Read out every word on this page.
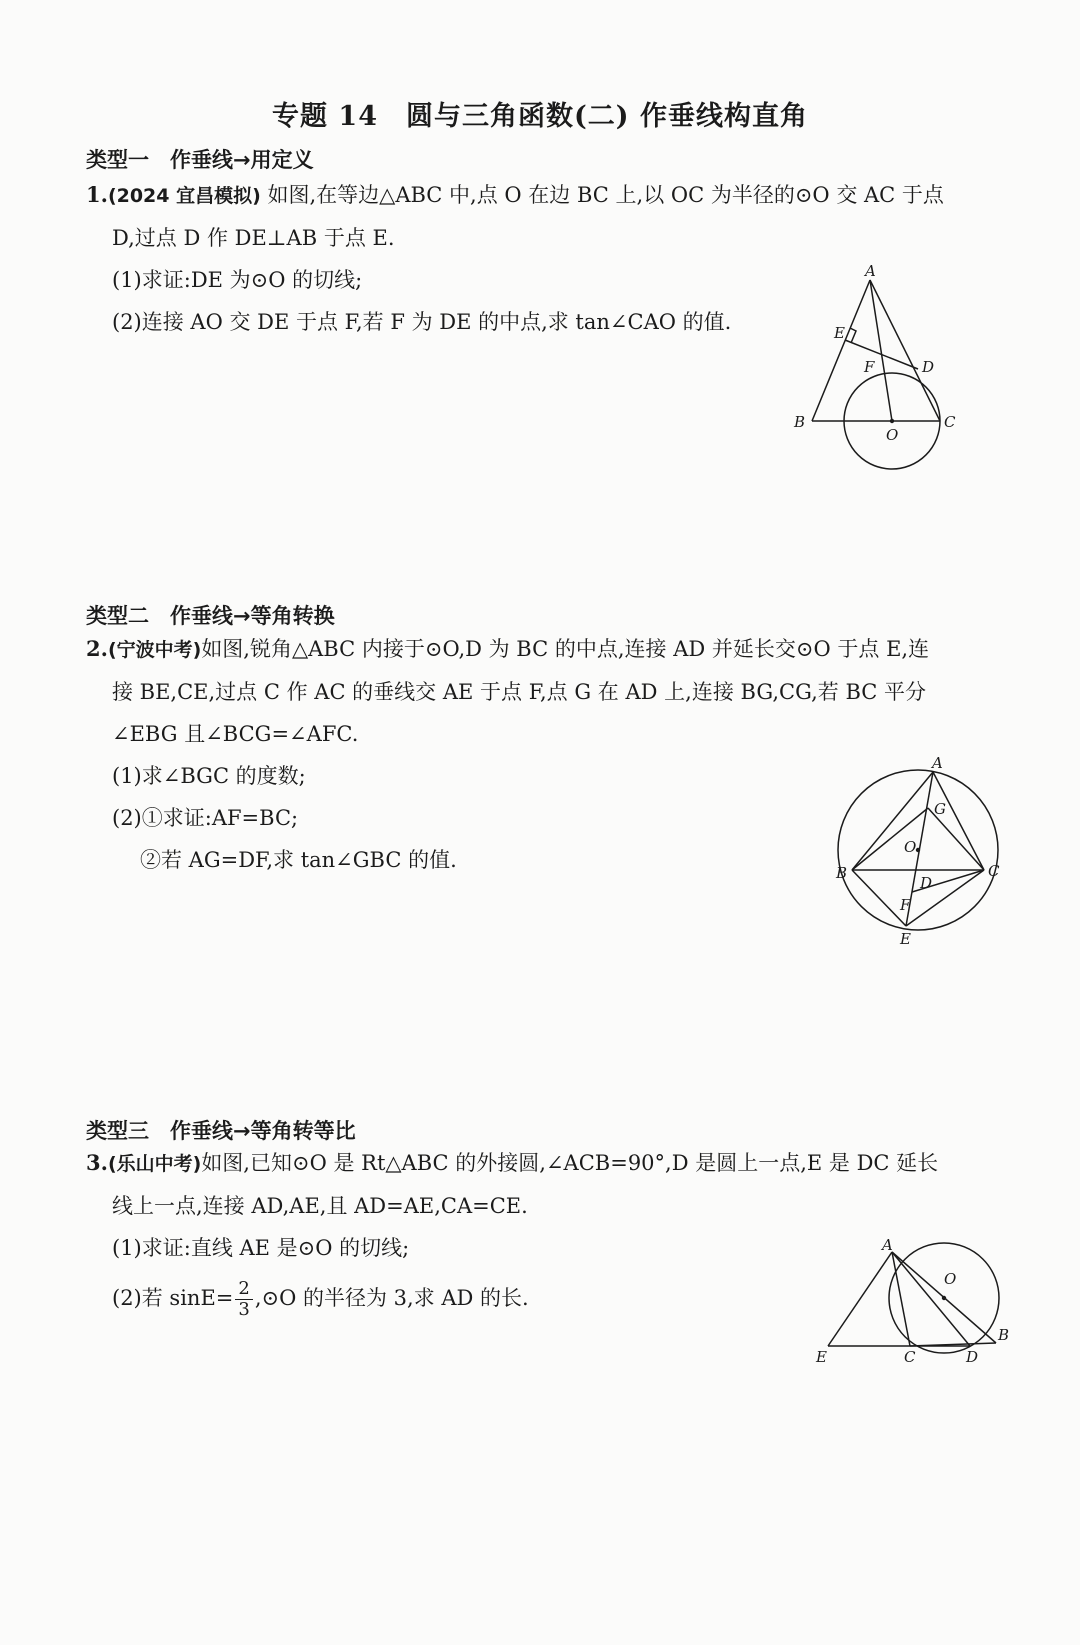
专题 14　圆与三角函数(二) 作垂线构直角
类型一　作垂线→用定义
1.(2024 宜昌模拟) 如图,在等边△ABC 中,点 O 在边 BC 上,以 OC 为半径的⊙O 交 AC 于点
D,过点 D 作 DE⊥AB 于点 E.
(1)求证:DE 为⊙O 的切线;
(2)连接 AO 交 DE 于点 F,若 F 为 DE 的中点,求 tan∠CAO 的值.
A
B	C
D
E
F
O
类型二　作垂线→等角转换
2.(宁波中考)如图,锐角△ABC 内接于⊙O,D 为 BC 的中点,连接 AD 并延长交⊙O 于点 E,连
接 BE,CE,过点 C 作 AC 的垂线交 AE 于点 F,点 G 在 AD 上,连接 BG,CG,若 BC 平分
∠EBG 且∠BCG=∠AFC.
(1)求∠BGC 的度数;
(2)①求证:AF=BC;
②若 AG=DF,求 tan∠GBC 的值.
A
B	C
D
E
F
G
O
类型三　作垂线→等角转等比
3.(乐山中考)如图,已知⊙O 是 Rt△ABC 的外接圆,∠ACB=90°,D 是圆上一点,E 是 DC 延长
线上一点,连接 AD,AE,且 AD=AE,CA=CE.
(1)求证:直线 AE 是⊙O 的切线;
(2)若 $\sin E= \frac{2}{3}$ ,⊙O 的半径为 3,求 AD 的长.
A
B
C	D
E
O
